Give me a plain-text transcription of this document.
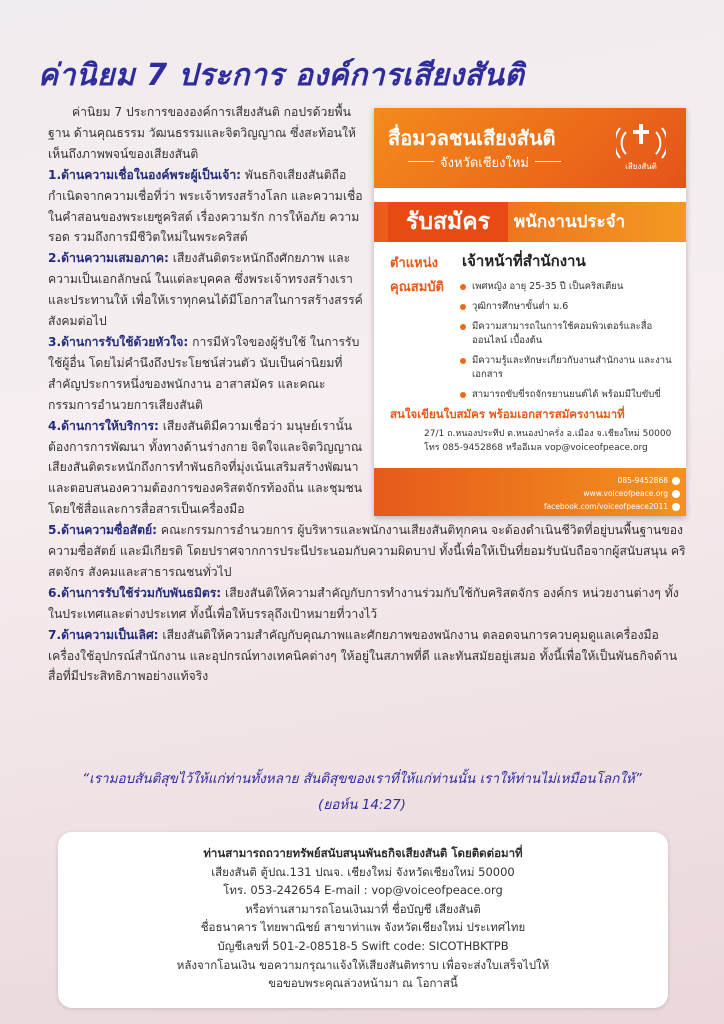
ค่านิยม 7 ประการ องค์การเสียงสันติ

ค่านิยม 7 ประการขององค์การเสียงสันติ กอปรด้วยพื้นฐาน ด้านคุณธรรม วัฒนธรรมและจิตวิญญาณ ซึ่งสะท้อนให้เห็นถึงภาพพจน์ของเสียงสันติ

1.ด้านความเชื่อในองค์พระผู้เป็นเจ้า: พันธกิจเสียงสันติถือกำเนิดจากความเชื่อที่ว่า พระเจ้าทรงสร้างโลก และความเชื่อในคำสอนของพระเยซูคริสต์ เรื่องความรัก การให้อภัย ความรอด รวมถึงการมีชีวิตใหม่ในพระคริสต์

2.ด้านความเสมอภาค: เสียงสันติตระหนักถึงศักยภาพ และความเป็นเอกลักษณ์ ในแต่ละบุคคล ซึ่งพระเจ้าทรงสร้างเราและประทานให้ เพื่อให้เราทุกคนได้มีโอกาสในการสร้างสรรค์สังคมต่อไป

3.ด้านการรับใช้ด้วยหัวใจ: การมีหัวใจของผู้รับใช้ ในการรับใช้ผู้อื่น โดยไม่คำนึงถึงประโยชน์ส่วนตัว นับเป็นค่านิยมที่สำคัญประการหนึ่งของพนักงาน อาสาสมัคร และคณะกรรมการอำนวยการเสียงสันติ

4.ด้านการให้บริการ: เสียงสันติมีความเชื่อว่า มนุษย์เรานั้นต้องการการพัฒนา ทั้งทางด้านร่างกาย จิตใจและจิตวิญญาณ เสียงสันติตระหนักถึงการทำพันธกิจที่มุ่งเน้นเสริมสร้างพัฒนา และตอบสนองความต้องการของคริสตจักรท้องถิ่น และชุมชน โดยใช้สื่อและการสื่อสารเป็นเครื่องมือ

5.ด้านความซื่อสัตย์: คณะกรรมการอำนวยการ ผู้บริหารและพนักงานเสียงสันติทุกคน จะต้องดำเนินชีวิตที่อยู่บนพื้นฐานของความซื่อสัตย์ และมีเกียรติ โดยปราศจากการประนีประนอมกับความผิดบาป ทั้งนี้เพื่อให้เป็นที่ยอมรับนับถือจากผู้สนับสนุน คริสตจักร สังคมและสาธารณชนทั่วไป

6.ด้านการรับใช้ร่วมกับพันธมิตร: เสียงสันติให้ความสำคัญกับการทำงานร่วมกับใช้กับคริสตจักร องค์กร หน่วยงานต่างๆ ทั้งในประเทศและต่างประเทศ ทั้งนี้เพื่อให้บรรลุถึงเป้าหมายที่วางไว้

7.ด้านความเป็นเลิศ: เสียงสันติให้ความสำคัญกับคุณภาพและศักยภาพของพนักงาน ตลอดจนการควบคุมดูแลเครื่องมือ เครื่องใช้อุปกรณ์สำนักงาน และอุปกรณ์ทางเทคนิคต่างๆ ให้อยู่ในสภาพที่ดี และทันสมัยอยู่เสมอ ทั้งนี้เพื่อให้เป็นพันธกิจด้านสื่อที่มีประสิทธิภาพอย่างแท้จริง

สื่อมวลชนเสียงสันติ
จังหวัดเชียงใหม่	เสียงสันติ
รับสมัคร	พนักงานประจำ
ตำแหน่ง เจ้าหน้าที่สำนักงาน
คุณสมบัติ	เพศหญิง อายุ 25-35 ปี เป็นคริสเตียน
วุฒิการศึกษาขั้นต่ำ ม.6
มีความสามารถในการใช้คอมพิวเตอร์และสื่อออนไลน์ เบื้องต้น
มีความรู้และทักษะเกี่ยวกับงานสำนักงาน และงานเอกสาร
สามารถขับขี่รถจักรยานยนต์ได้ พร้อมมีใบขับขี่
สนใจเขียนใบสมัคร พร้อมเอกสารสมัครงานมาที่
27/1 ถ.หนองประทีป ต.หนองป่าครั่ง อ.เมือง จ.เชียงใหม่ 50000
โทร 085-9452868 หรืออีเมล vop@voiceofpeace.org
085-9452868
www.voiceofpeace.org
facebook.com/voiceofpeace2011
“เรามอบสันติสุขไว้ให้แก่ท่านทั้งหลาย สันติสุขของเราที่ให้แก่ท่านนั้น เราให้ท่านไม่เหมือนโลกให้”
(ยอห์น 14:27)
ท่านสามารถถวายทรัพย์สนับสนุนพันธกิจเสียงสันติ โดยติดต่อมาที่
เสียงสันติ ตู้ปณ.131 ปณจ. เชียงใหม่ จังหวัดเชียงใหม่ 50000
โทร. 053-242654 E-mail : vop@voiceofpeace.org
หรือท่านสามารถโอนเงินมาที่ ชื่อบัญชี เสียงสันติ
ชื่อธนาคาร ไทยพาณิชย์ สาขาท่าแพ จังหวัดเชียงใหม่ ประเทศไทย
บัญชีเลขที่ 501-2-08518-5 Swift code: SICOTHBKTPB
หลังจากโอนเงิน ขอความกรุณาแจ้งให้เสียงสันติทราบ เพื่อจะส่งใบเสร็จไปให้
ขอขอบพระคุณล่วงหน้ามา ณ โอกาสนี้
